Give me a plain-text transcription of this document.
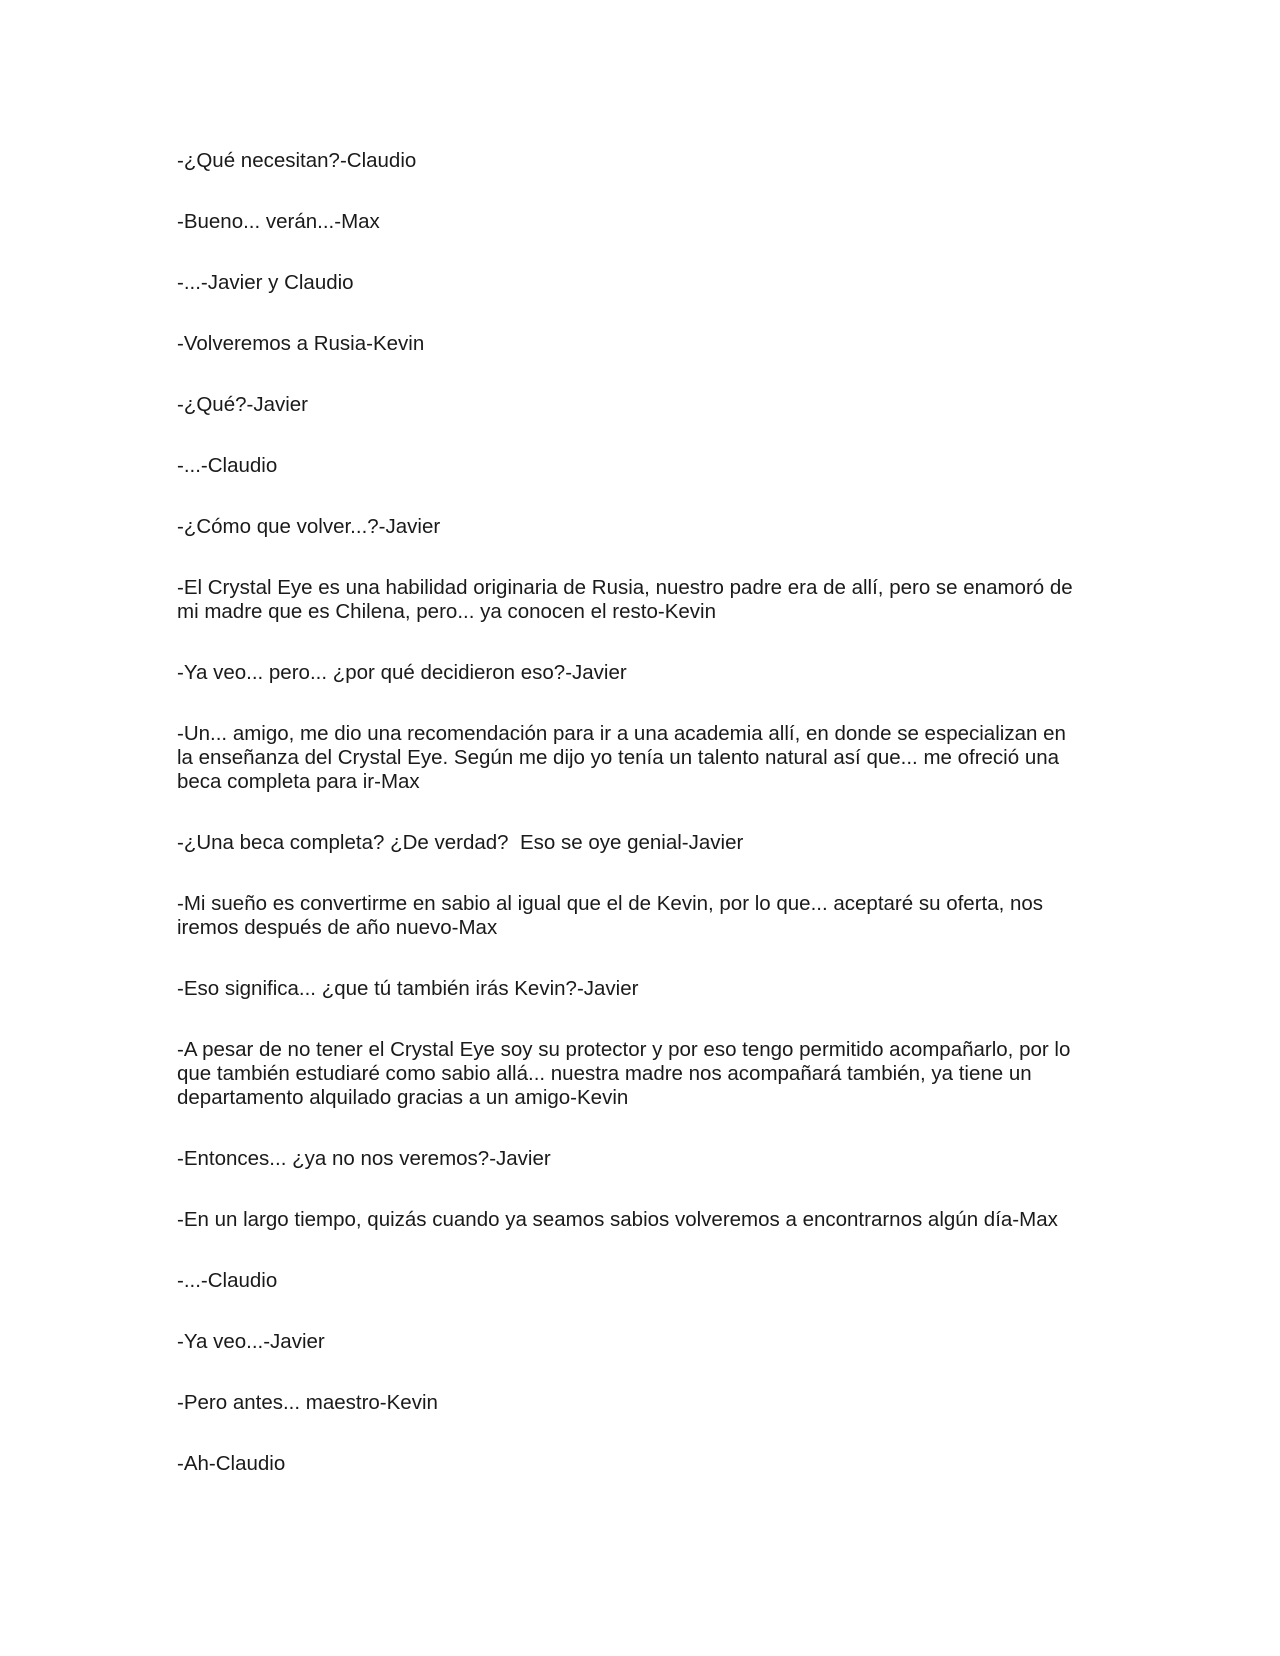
-¿Qué necesitan?-Claudio

-Bueno... verán...-Max

-...-Javier y Claudio

-Volveremos a Rusia-Kevin

-¿Qué?-Javier

-...-Claudio

-¿Cómo que volver...?-Javier

-El Crystal Eye es una habilidad originaria de Rusia, nuestro padre era de allí, pero se enamoró de
mi madre que es Chilena, pero... ya conocen el resto-Kevin

-Ya veo... pero... ¿por qué decidieron eso?-Javier

-Un... amigo, me dio una recomendación para ir a una academia allí, en donde se especializan en
la enseñanza del Crystal Eye. Según me dijo yo tenía un talento natural así que... me ofreció una
beca completa para ir-Max

-¿Una beca completa? ¿De verdad?  Eso se oye genial-Javier

-Mi sueño es convertirme en sabio al igual que el de Kevin, por lo que... aceptaré su oferta, nos
iremos después de año nuevo-Max

-Eso significa... ¿que tú también irás Kevin?-Javier

-A pesar de no tener el Crystal Eye soy su protector y por eso tengo permitido acompañarlo, por lo
que también estudiaré como sabio allá... nuestra madre nos acompañará también, ya tiene un
departamento alquilado gracias a un amigo-Kevin

-Entonces... ¿ya no nos veremos?-Javier

-En un largo tiempo, quizás cuando ya seamos sabios volveremos a encontrarnos algún día-Max

-...-Claudio

-Ya veo...-Javier

-Pero antes... maestro-Kevin

-Ah-Claudio
